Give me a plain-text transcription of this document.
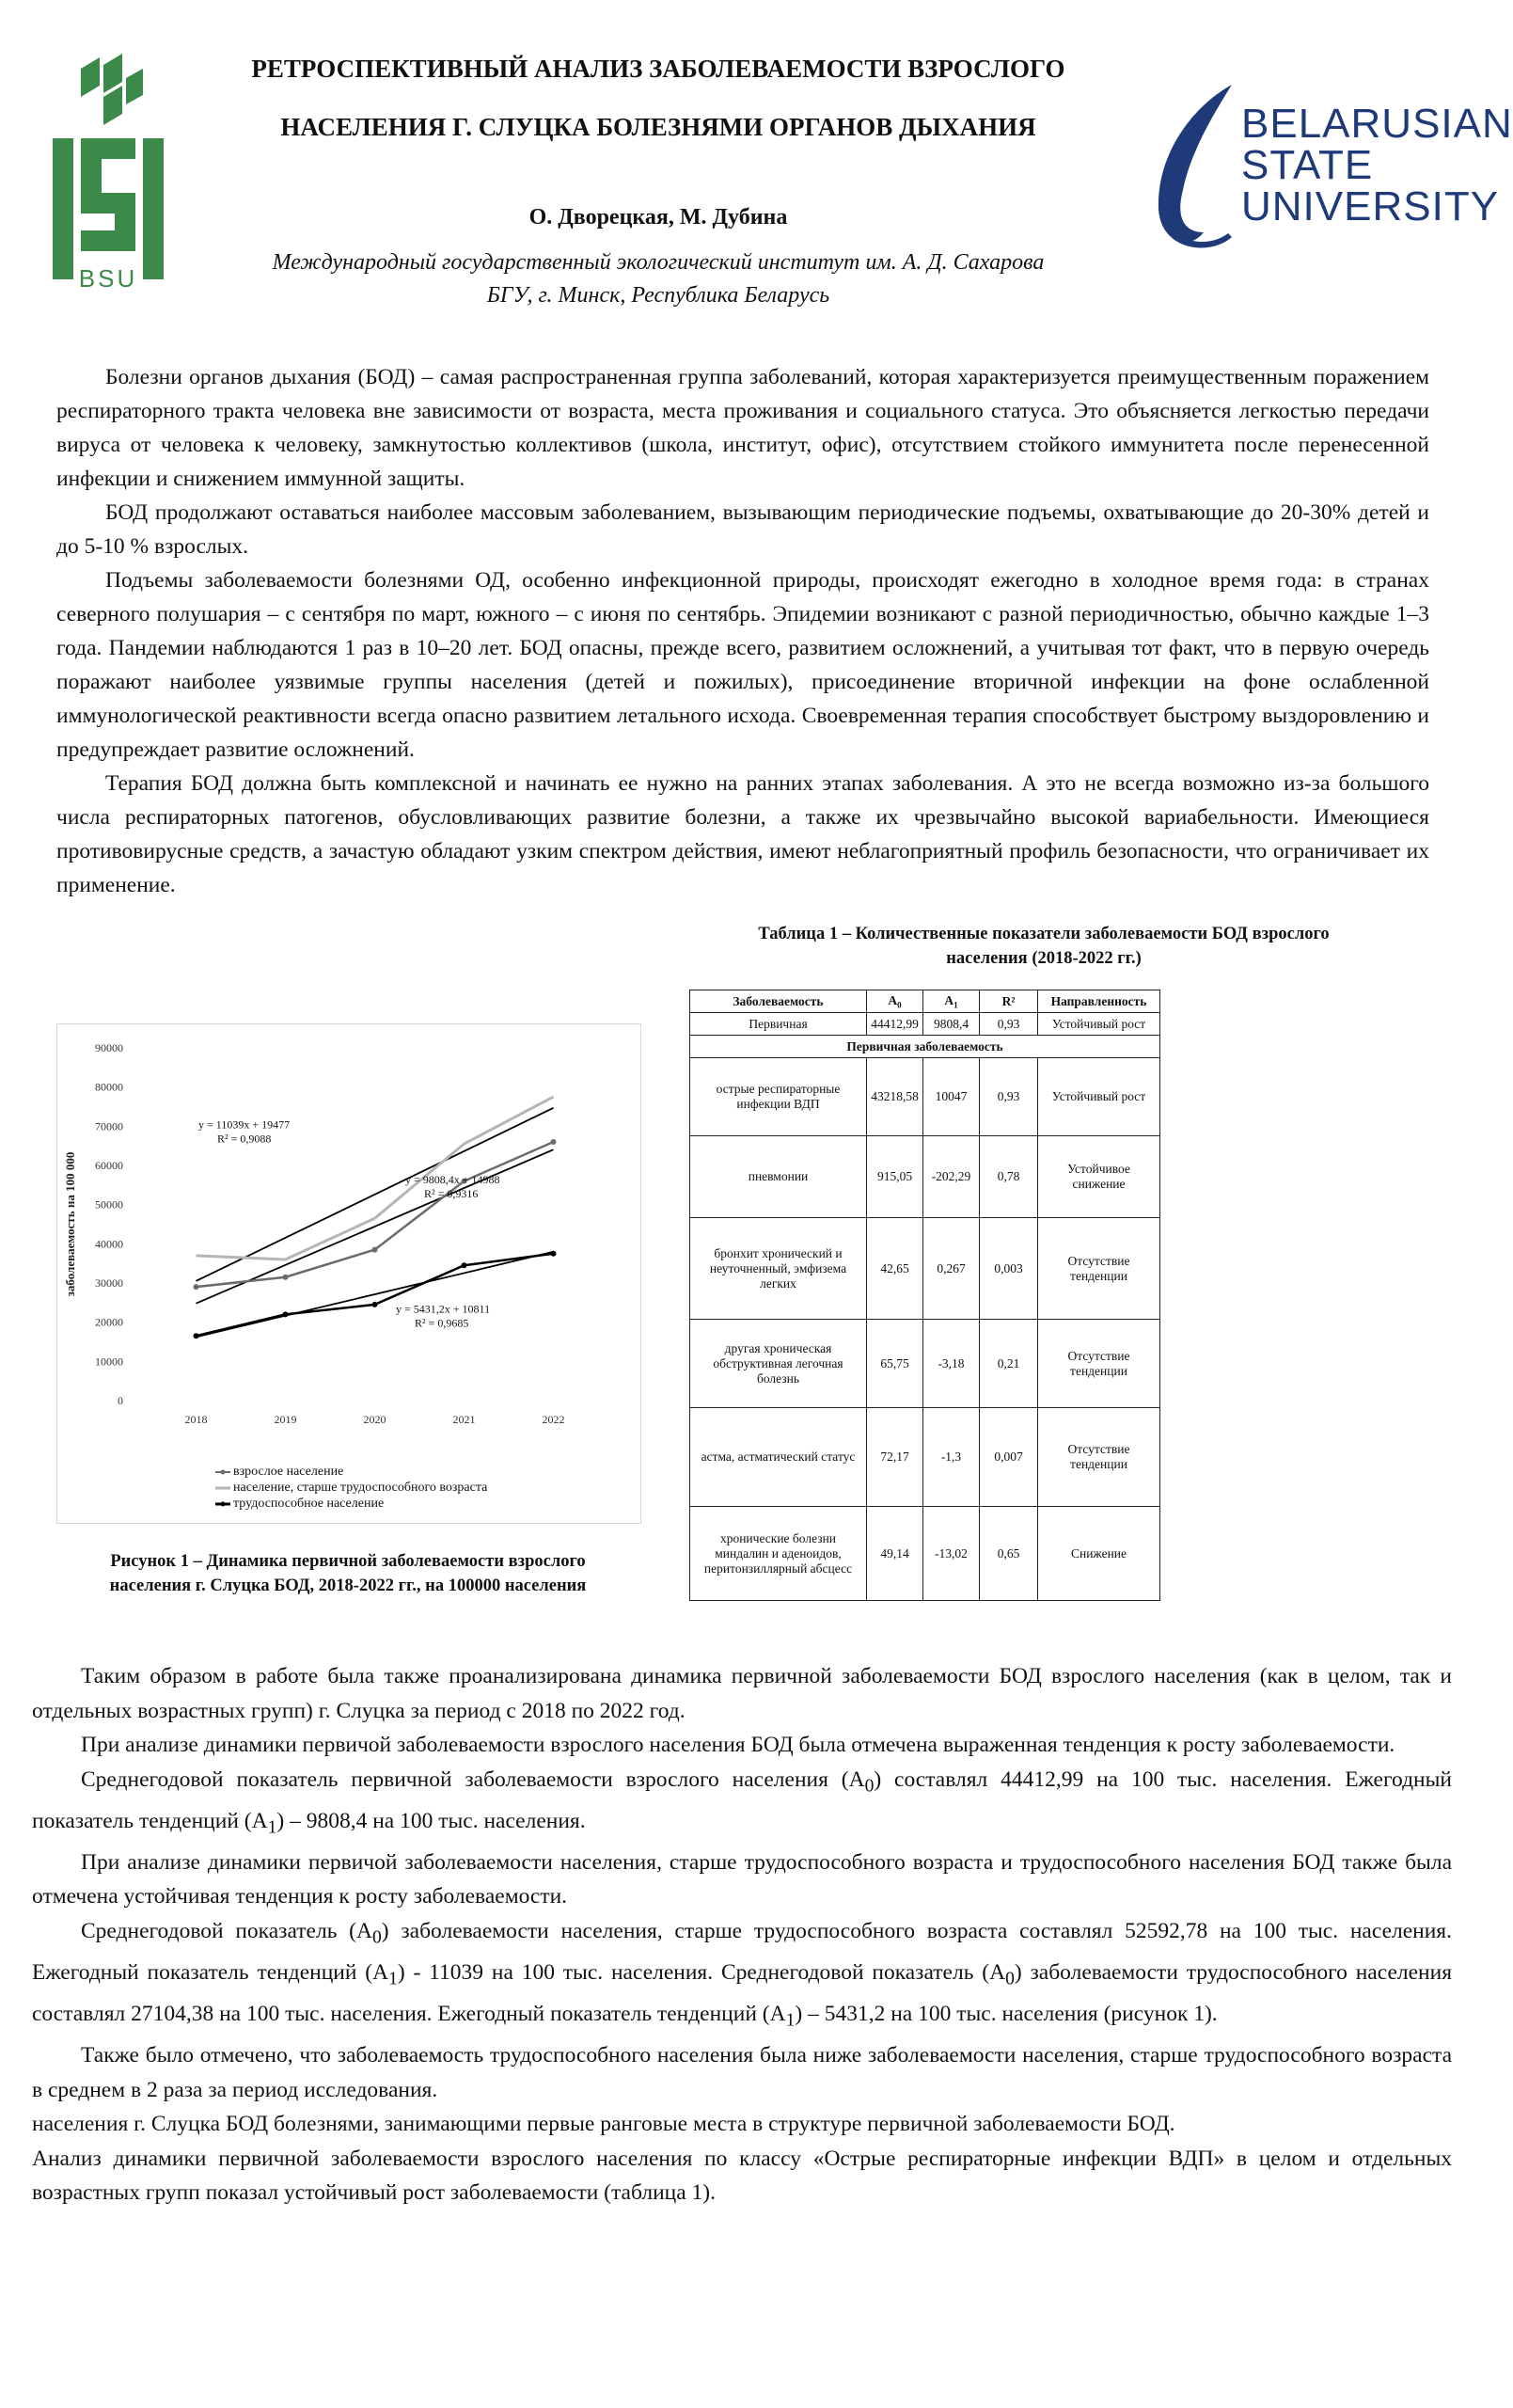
BSU
BELARUSIAN
STATE
UNIVERSITY
РЕТРОСПЕКТИВНЫЙ АНАЛИЗ ЗАБОЛЕВАЕМОСТИ ВЗРОСЛОГО
НАСЕЛЕНИЯ Г. СЛУЦКА БОЛЕЗНЯМИ ОРГАНОВ ДЫХАНИЯ
О. Дворецкая, М. Дубина
Международный государственный экологический институт им. А. Д. Сахарова
БГУ, г. Минск, Республика Беларусь

Болезни органов дыхания (БОД) – самая распространенная группа заболеваний, которая характеризуется преимущественным поражением респираторного тракта человека вне зависимости от возраста, места проживания и социального статуса. Это объясняется легкостью передачи вируса от человека к человеку, замкнутостью коллективов (школа, институт, офис), отсутствием стойкого иммунитета после перенесенной инфекции и снижением иммунной защиты.

БОД продолжают оставаться наиболее массовым заболеванием, вызывающим периодические подъемы, охватывающие до 20-30% детей и до 5-10 % взрослых.

Подъемы заболеваемости болезнями ОД, особенно инфекционной природы, происходят ежегодно в холодное время года: в странах северного полушария – с сентября по март, южного – с июня по сентябрь. Эпидемии возникают с разной периодичностью, обычно каждые 1–3 года. Пандемии наблюдаются 1 раз в 10–20 лет. БОД опасны, прежде всего, развитием осложнений, а учитывая тот факт, что в первую очередь поражают наиболее уязвимые группы населения (детей и пожилых), присоединение вторичной инфекции на фоне ослабленной иммунологической реактивности всегда опасно развитием летального исхода. Своевременная терапия способствует быстрому выздоровлению и предупреждает развитие осложнений.

Терапия БОД должна быть комплексной и начинать ее нужно на ранних этапах заболевания. А это не всегда возможно из-за большого числа респираторных патогенов, обусловливающих развитие болезни, а также их чрезвычайно высокой вариабельности. Имеющиеся противовирусные средств, а зачастую обладают узким спектром действия, имеют неблагоприятный профиль безопасности, что ограничивает их применение.

Таблица 1 – Количественные показатели заболеваемости БОД взрослого
населения (2018-2022 гг.)
Заболеваемость	$A_0$	$A_1$	R²	Направленность
Первичная	44412,99	9808,4	0,93	Устойчивый рост
Первичная заболеваемость				
острые респираторные инфекции ВДП	43218,58	10047	0,93	Устойчивый рост
пневмонии	915,05	-202,29	0,78	Устойчивое снижение
бронхит хронический и неуточненный, эмфизема легких	42,65	0,267	0,003	Отсутствие тенденции
другая хроническая обструктивная легочная болезнь	65,75	-3,18	0,21	Отсутствие тенденции
астма, астматический статус	72,17	-1,3	0,007	Отсутствие тенденции
хронические болезни миндалин и аденоидов, перитонзиллярный абсцесс	49,14	-13,02	0,65	Снижение
0
10000
20000
30000
40000
50000
60000
70000
80000
90000
2018	2019	2020	2021	2022
заболеваемость на 100 000
y = 11039x + 19477
R² = 0,9088
y = 9808,4x + 14988
R² = 0,9316
y = 5431,2x + 10811
R² = 0,9685
взрослое население
население, старше трудоспособного возраста
трудоспособное население
Рисунок 1 – Динамика первичной заболеваемости взрослого
населения г. Слуцка БОД, 2018-2022 гг., на 100000 населения

Таким образом в работе была также проанализирована динамика первичной заболеваемости БОД взрослого населения (как в целом, так и отдельных возрастных групп) г. Слуцка за период с 2018 по 2022 год.

При анализе динамики первичой заболеваемости взрослого населения БОД была отмечена выраженная тенденция к росту заболеваемости.

Среднегодовой показатель первичной заболеваемости взрослого населения $(A_0)$ составлял 44412,99 на 100 тыс. населения. Ежегодный показатель тенденций $(A_1) - 9808,4$ на 100 тыс. населения.

При анализе динамики первичой заболеваемости населения, старше трудоспособного возраста и трудоспособного населения БОД также была отмечена устойчивая тенденция к росту заболеваемости.

Среднегодовой показатель $(A_0)$ заболеваемости населения, старше трудоспособного возраста составлял 52592,78 на 100 тыс. населения. Ежегодный показатель тенденций $(A_1) - 11039$ на 100 тыс. населения. Среднегодовой показатель $(A_0)$ заболеваемости трудоспособного населения составлял 27104,38 на 100 тыс. населения. Ежегодный показатель тенденций $(A_1) - 5431,2$ на 100 тыс. населения (рисунок 1).

Также было отмечено, что заболеваемость трудоспособного населения была ниже заболеваемости населения, старше трудоспособного возраста в среднем в 2 раза за период исследования.

населения г. Слуцка БОД болезнями, занимающими первые ранговые места в структуре первичной заболеваемости БОД.

Анализ динамики первичной заболеваемости взрослого населения по классу «Острые респираторные инфекции ВДП» в целом и отдельных возрастных групп показал устойчивый рост заболеваемости (таблица 1).
